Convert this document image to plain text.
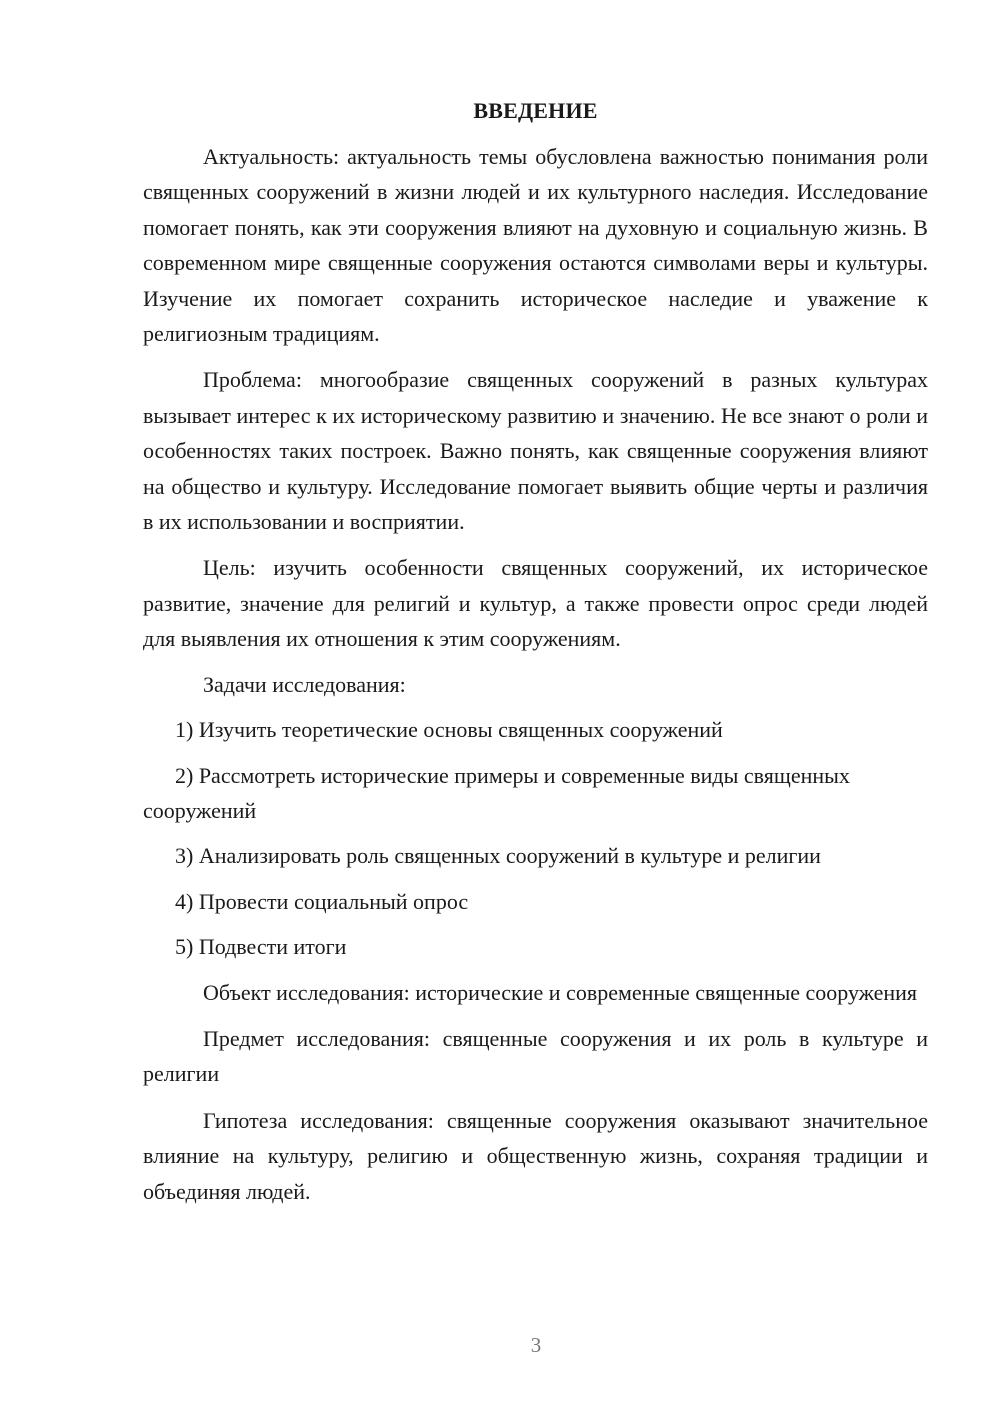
ВВЕДЕНИЕ

Актуальность: актуальность темы обусловлена важностью понимания роли священных сооружений в жизни людей и их культурного наследия. Исследование помогает понять, как эти сооружения влияют на духовную и социальную жизнь. В современном мире священные сооружения остаются символами веры и культуры. Изучение их помогает сохранить историческое наследие и уважение к религиозным традициям.

Проблема: многообразие священных сооружений в разных культурах вызывает интерес к их историческому развитию и значению. Не все знают о роли и особенностях таких построек. Важно понять, как священные сооружения влияют на общество и культуру. Исследование помогает выявить общие черты и различия в их использовании и восприятии.

Цель: изучить особенности священных сооружений, их историческое развитие, значение для религий и культур, а также провести опрос среди людей для выявления их отношения к этим сооружениям.

Задачи исследования:

1) Изучить теоретические основы священных сооружений

2) Рассмотреть исторические примеры и современные виды священных сооружений

3) Анализировать роль священных сооружений в культуре и религии

4) Провести социальный опрос

5) Подвести итоги

Объект исследования: исторические и современные священные сооружения

Предмет исследования: священные сооружения и их роль в культуре и религии

Гипотеза исследования: священные сооружения оказывают значительное влияние на культуру, религию и общественную жизнь, сохраняя традиции и объединяя людей.

3
